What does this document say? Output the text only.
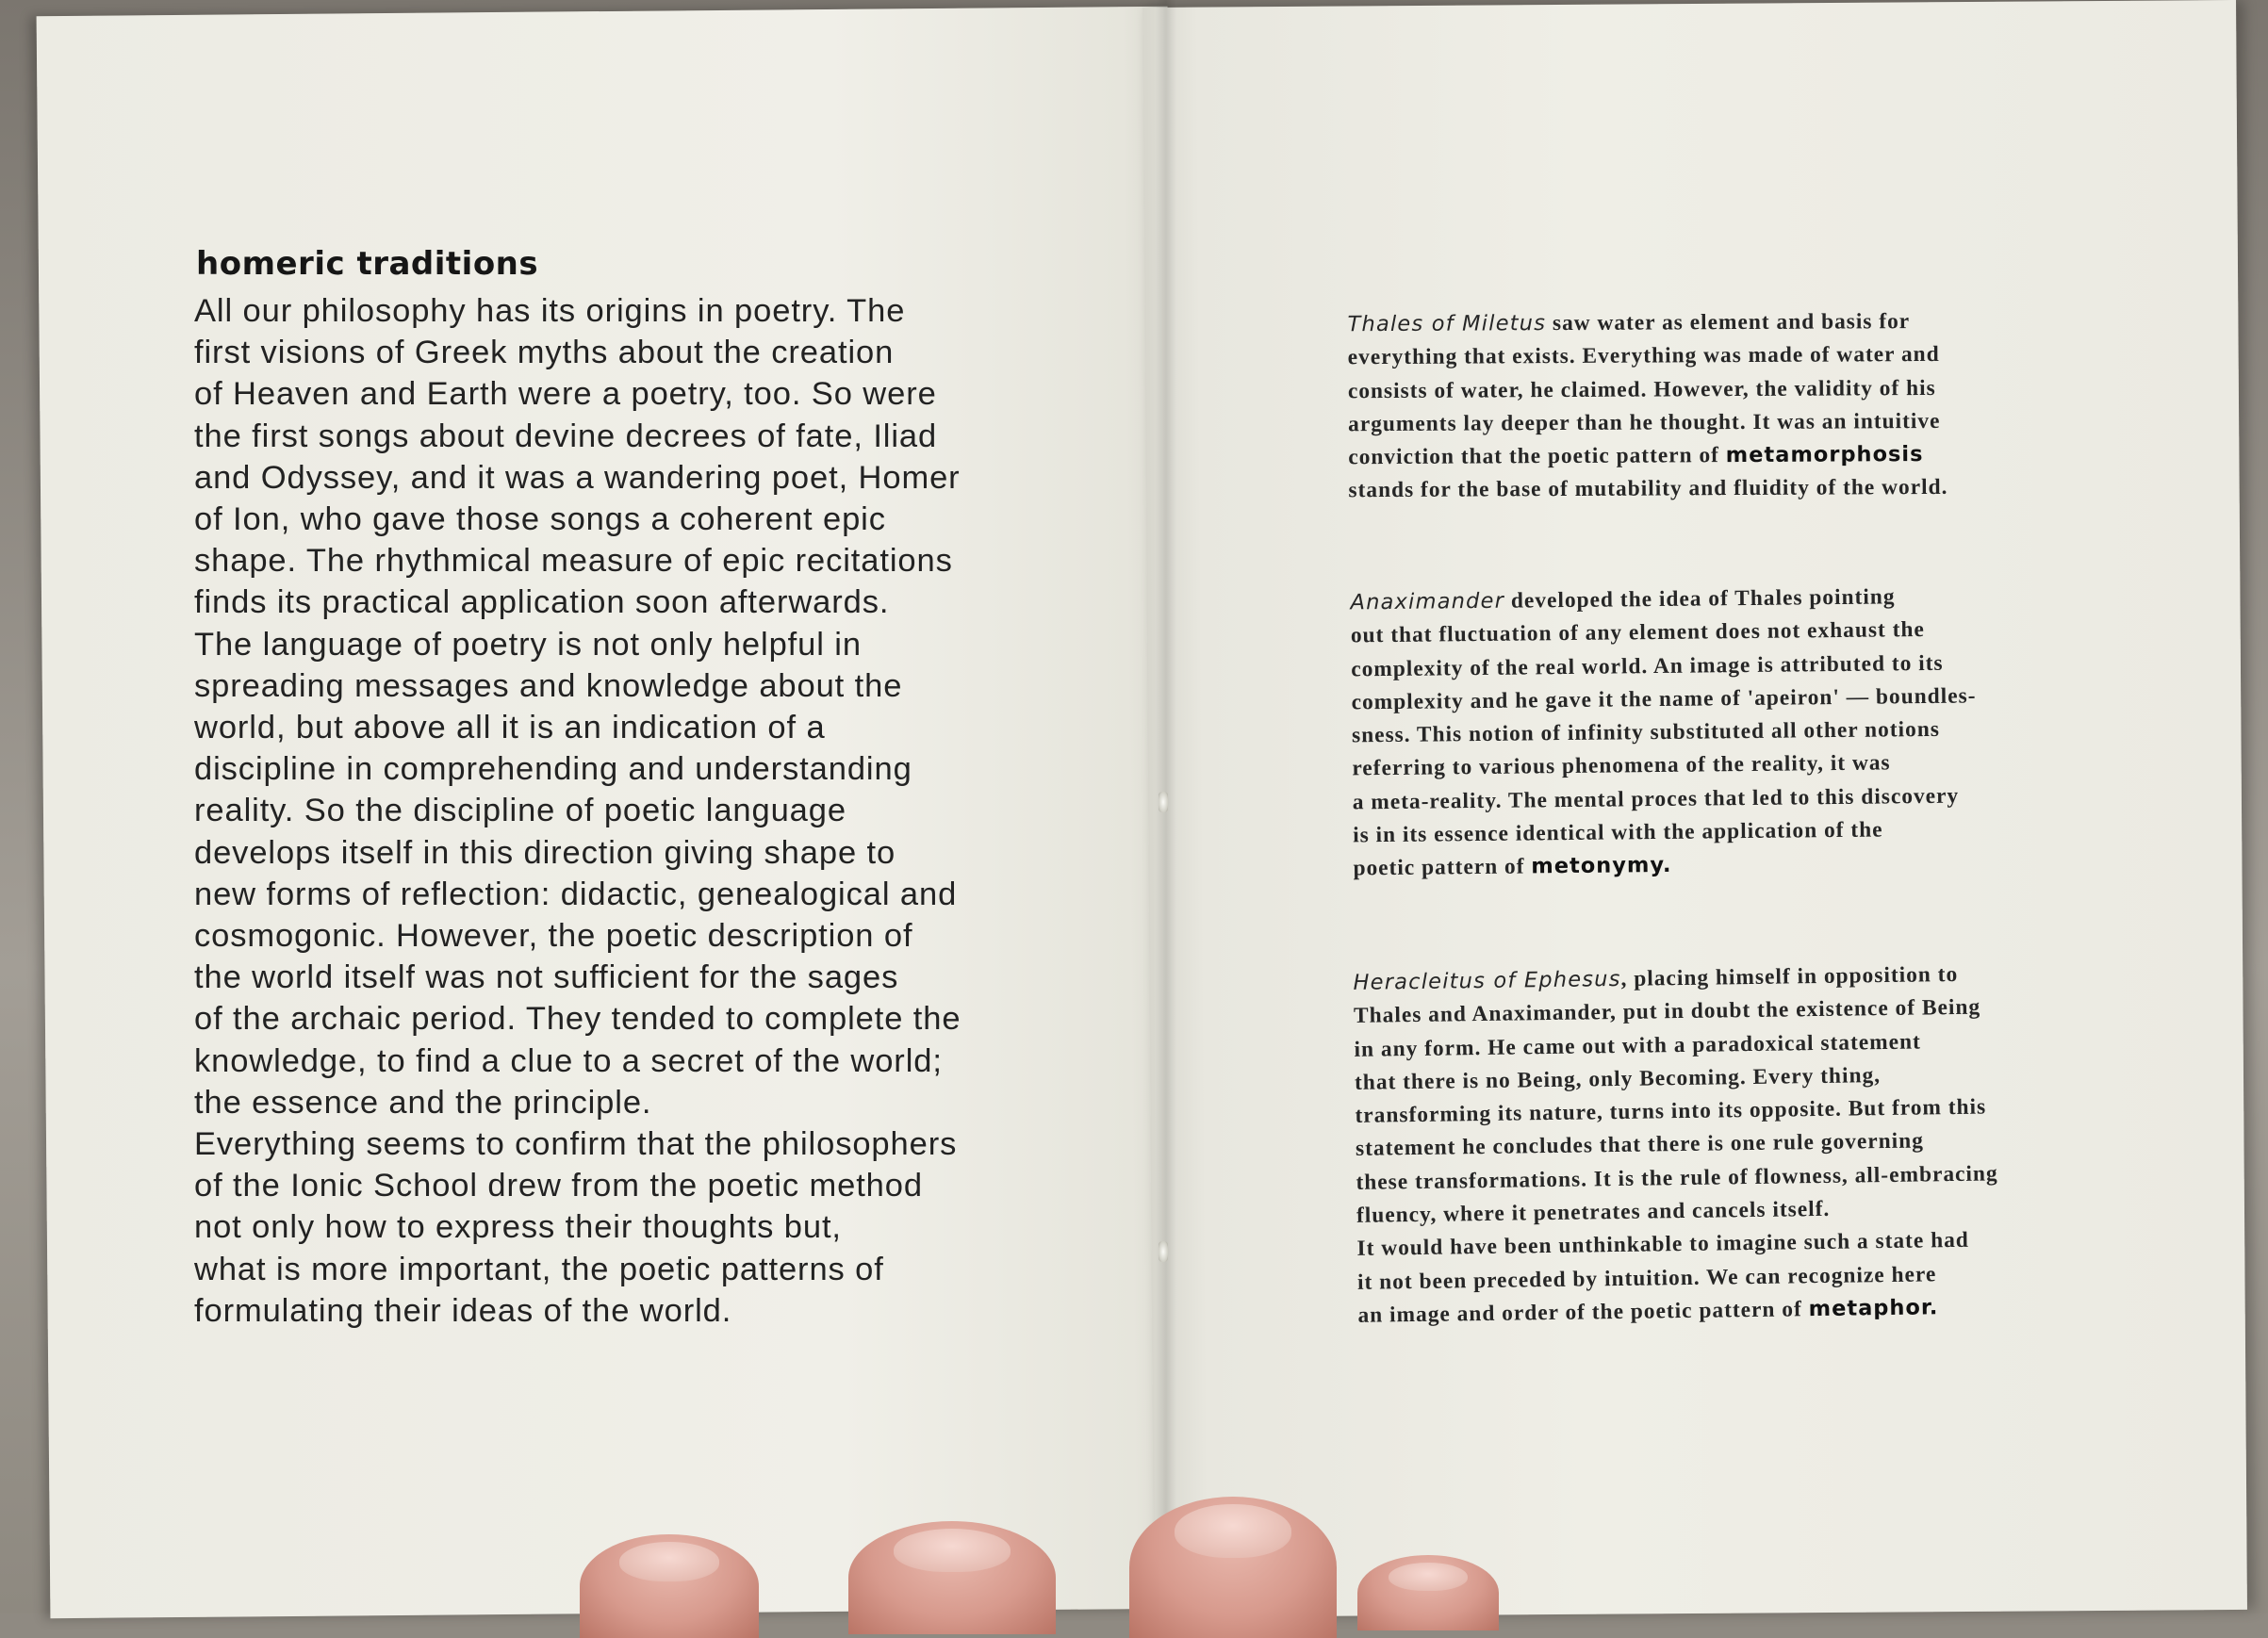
homeric traditions
All our philosophy has its origins in poetry. The
first visions of Greek myths about the creation
of Heaven and Earth were a poetry, too. So were
the first songs about devine decrees of fate, Iliad
and Odyssey, and it was a wandering poet, Homer
of Ion, who gave those songs a coherent epic
shape. The rhythmical measure of epic recitations
finds its practical application soon afterwards.
The language of poetry is not only helpful in
spreading messages and knowledge about the
world, but above all it is an indication of a
discipline in comprehending and understanding
reality. So the discipline of poetic language
develops itself in this direction giving shape to
new forms of reflection: didactic, genealogical and
cosmogonic. However, the poetic description of
the world itself was not sufficient for the sages
of the archaic period. They tended to complete the
knowledge, to find a clue to a secret of the world;
the essence and the principle.
Everything seems to confirm that the philosophers
of the Ionic School drew from the poetic method
not only how to express their thoughts but,
what is more important, the poetic patterns of
formulating their ideas of the world.
Thales of Miletus saw water as element and basis for
everything that exists. Everything was made of water and
consists of water, he claimed. However, the validity of his
arguments lay deeper than he thought. It was an intuitive
conviction that the poetic pattern of metamorphosis
stands for the base of mutability and fluidity of the world.
Anaximander developed the idea of Thales pointing
out that fluctuation of any element does not exhaust the
complexity of the real world. An image is attributed to its
complexity and he gave it the name of 'apeiron' — boundles-
sness. This notion of infinity substituted all other notions
referring to various phenomena of the reality, it was
a meta-reality. The mental proces that led to this discovery
is in its essence identical with the application of the
poetic pattern of metonymy.
Heracleitus of Ephesus, placing himself in opposition to
Thales and Anaximander, put in doubt the existence of Being
in any form. He came out with a paradoxical statement
that there is no Being, only Becoming. Every thing,
transforming its nature, turns into its opposite. But from this
statement he concludes that there is one rule governing
these transformations. It is the rule of flowness, all-embracing
fluency, where it penetrates and cancels itself.
It would have been unthinkable to imagine such a state had
it not been preceded by intuition. We can recognize here
an image and order of the poetic pattern of metaphor.
